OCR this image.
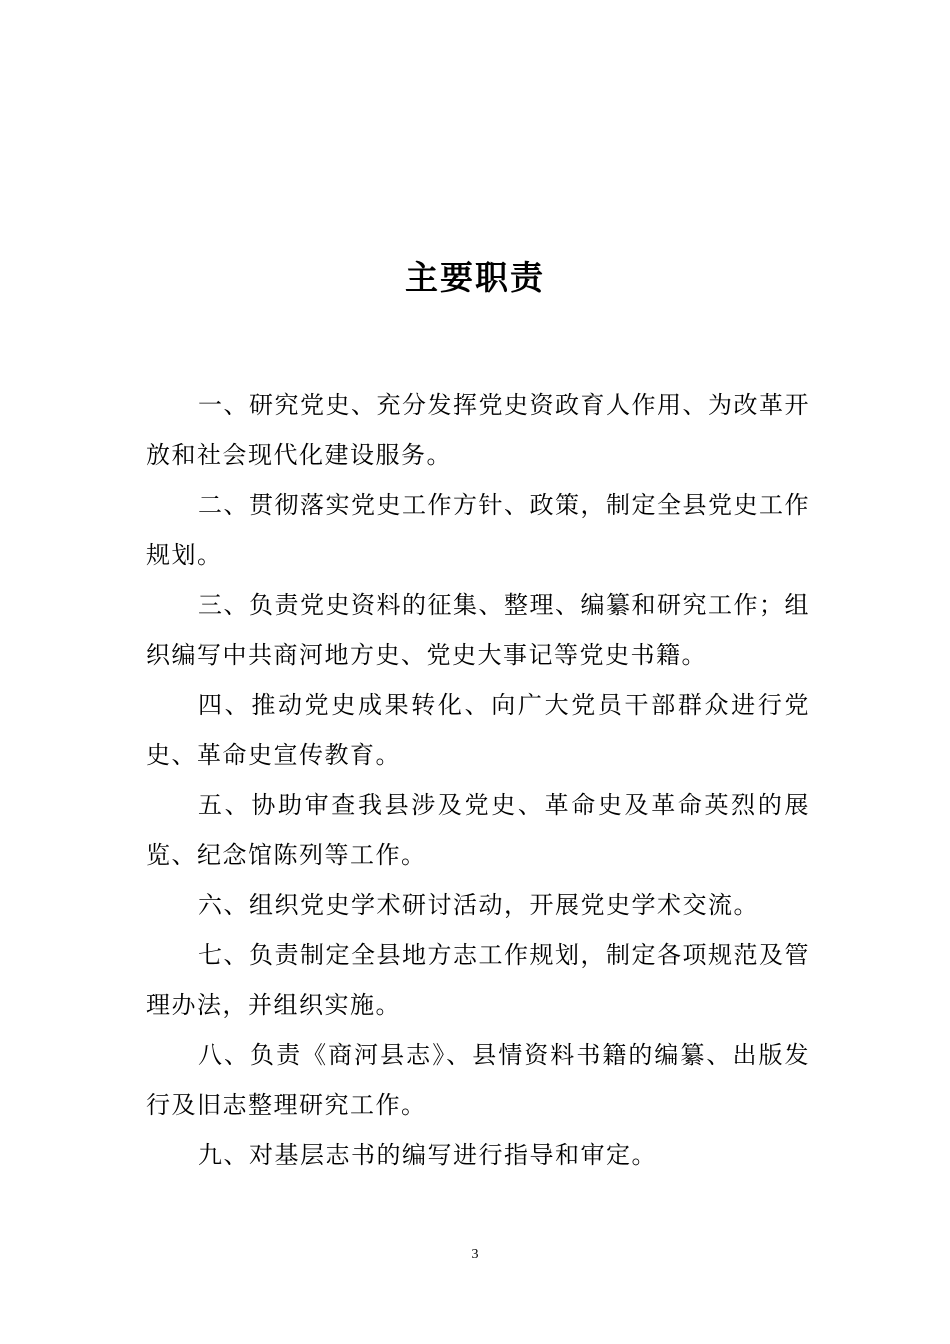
主要职责

一、研究党史、充分发挥党史资政育人作用、为改革开放和社会现代化建设服务。

二、贯彻落实党史工作方针、政策，制定全县党史工作规划。

三、负责党史资料的征集、整理、编纂和研究工作；组织编写中共商河地方史、党史大事记等党史书籍。

四、推动党史成果转化、向广大党员干部群众进行党史、革命史宣传教育。

五、协助审查我县涉及党史、革命史及革命英烈的展览、纪念馆陈列等工作。

六、组织党史学术研讨活动，开展党史学术交流。

七、负责制定全县地方志工作规划，制定各项规范及管理办法，并组织实施。

八、负责《商河县志》、县情资料书籍的编纂、出版发行及旧志整理研究工作。

九、对基层志书的编写进行指导和审定。

3
